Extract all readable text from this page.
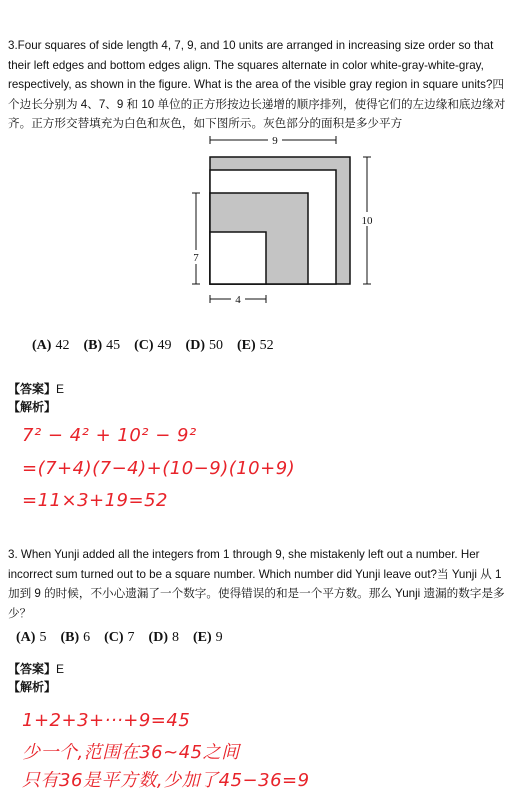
3.Four squares of side length 4, 7, 9, and 10 units are arranged in increasing size order so that their left edges and bottom edges align. The squares alternate in color white-gray-white-gray, respectively, as shown in the figure. What is the area of the visible gray region in square units?四个边长分别为 4、7、9 和 10 单位的正方形按边长递增的顺序排列，使得它们的左边缘和底边缘对齐。正方形交替填充为白色和灰色，如下图所示。灰色部分的面积是多少平方

9
10
7
4
(A) 42 (B) 45 (C) 49 (D) 50 (E) 52
【答案】E
【解析】
7² − 4² + 10² − 9²
=(7+4)(7−4)+(10−9)(10+9)
=11×3+19=52

3. When Yunji added all the integers from 1 through 9, she mistakenly left out a number. Her incorrect sum turned out to be a square number. Which number did Yunji leave out?当 Yunji 从 1 加到 9 的时候，不小心遗漏了一个数字。使得错误的和是一个平方数。那么 Yunji 遗漏的数字是多少？

(A) 5 (B) 6 (C) 7 (D) 8 (E) 9
【答案】E
【解析】
1+2+3+···+9=45
少一个,范围在36~45之间
只有36是平方数,少加了45−36=9
